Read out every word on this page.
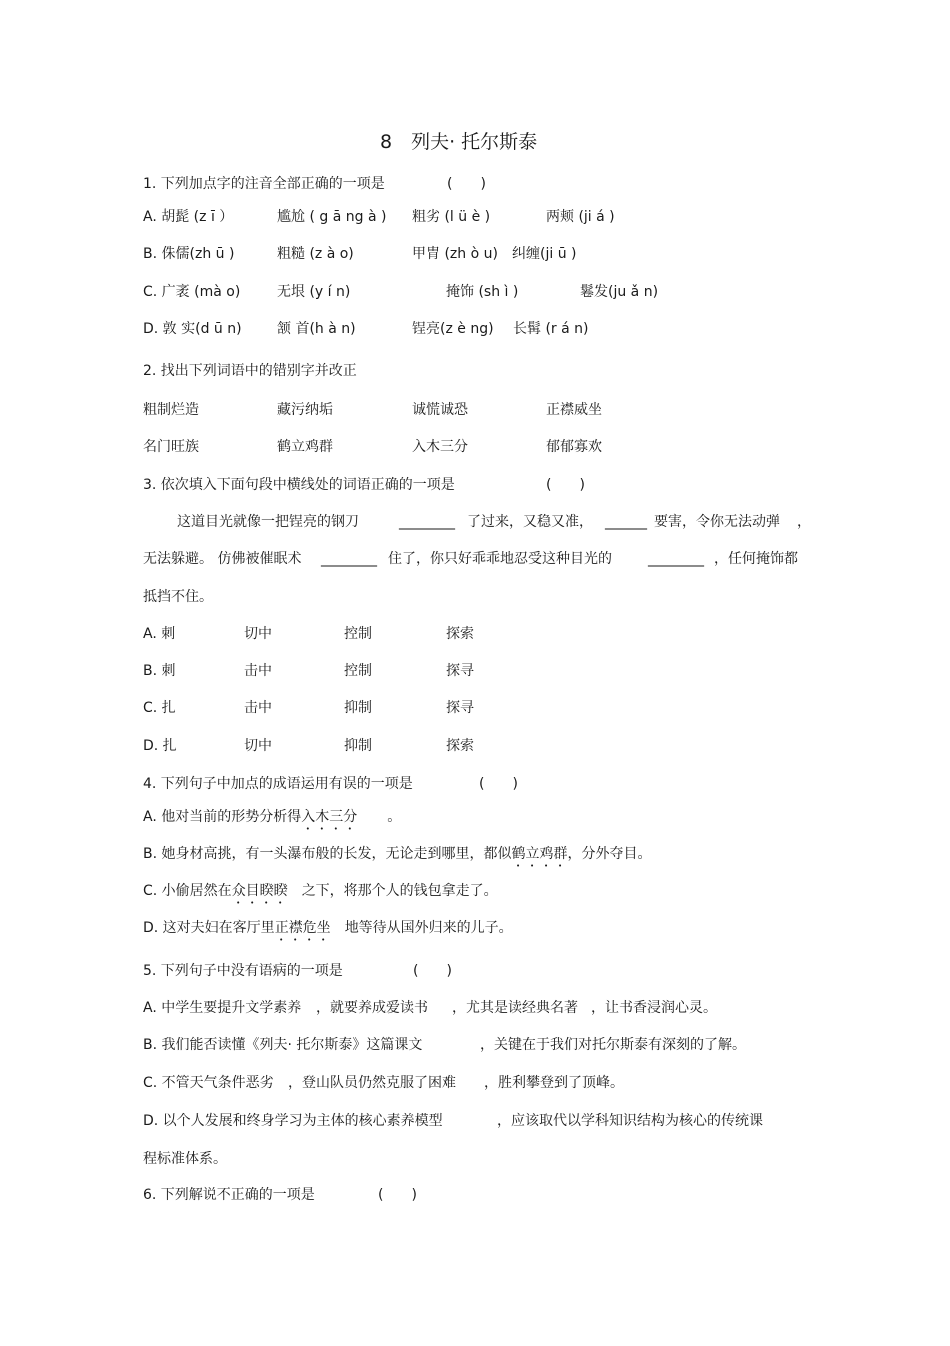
8　列夫· 托尔斯泰
1. 下列加点字的注音全部正确的一项是	(　　)
A. 胡髭 (z ī ）	尴尬 ( g ā ng à ) 粗劣 (l ü è )	两颊 (ji á )
B. 侏儒(zh ū )	粗糙 (z à o)	甲胄 (zh ò u) 纠缠(ji ū )
C. 广袤 (mà o)	无垠 (y í n)	掩饰 (sh ì )	鬈发(ju ǎ n)
D. 敦 实(d ū n)	颔 首(h à n)	锃亮(z è ng) 长髯 (r á n)
2. 找出下列词语中的错别字并改正
粗制烂造	藏污纳垢	诚慌诚恐	正襟威坐
名门旺族	鹤立鸡群	入木三分	郁郁寡欢
3. 依次填入下面句段中横线处的词语正确的一项是	(　　)
这道目光就像一把锃亮的钢刀	________ 了过来，又稳又准， ______ 要害，令你无法动弹 ，
无法躲避。 仿佛被催眠术 ________ 住了，你只好乖乖地忍受这种目光的	________ ，任何掩饰都
抵挡不住。
A. 刺	切中	控制	探索
B. 刺	击中	控制	探寻
C. 扎	击中	抑制	探寻
D. 扎	切中	抑制	探索
4. 下列句子中加点的成语运用有误的一项是	(　　)
A. 他对当前的形势分析得入木三分 。
B. 她身材高挑，有一头瀑布般的长发，无论走到哪里，都似鹤立鸡群，分外夺目。
C. 小偷居然在众目睽睽 之下，将那个人的钱包拿走了。
D. 这对夫妇在客厅里正襟危坐 地等待从国外归来的儿子。
5. 下列句子中没有语病的一项是	(　　)
A. 中学生要提升文学素养 ，就要养成爱读书 ，尤其是读经典名著 ，让书香浸润心灵。
B. 我们能否读懂《列夫· 托尔斯泰》这篇课文	，关键在于我们对托尔斯泰有深刻的了解。
C. 不管天气条件恶劣 ，登山队员仍然克服了困难 ，胜利攀登到了顶峰。
D. 以个人发展和终身学习为主体的核心素养模型	，应该取代以学科知识结构为核心的传统课
程标准体系。
6. 下列解说不正确的一项是	(　　)
